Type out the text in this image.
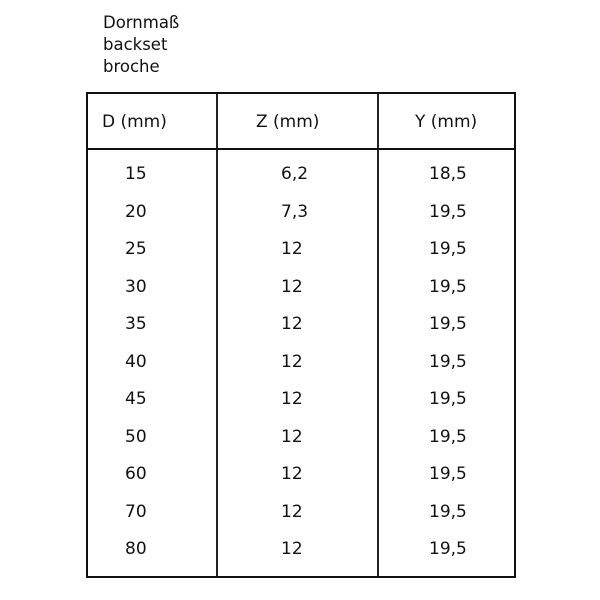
Dornmaß
backset
broche
D (mm)	Z (mm)	Y (mm)
15	6,2	18,5
20	7,3	19,5
25	12	19,5
30	12	19,5
35	12	19,5
40	12	19,5
45	12	19,5
50	12	19,5
60	12	19,5
70	12	19,5
80	12	19,5
